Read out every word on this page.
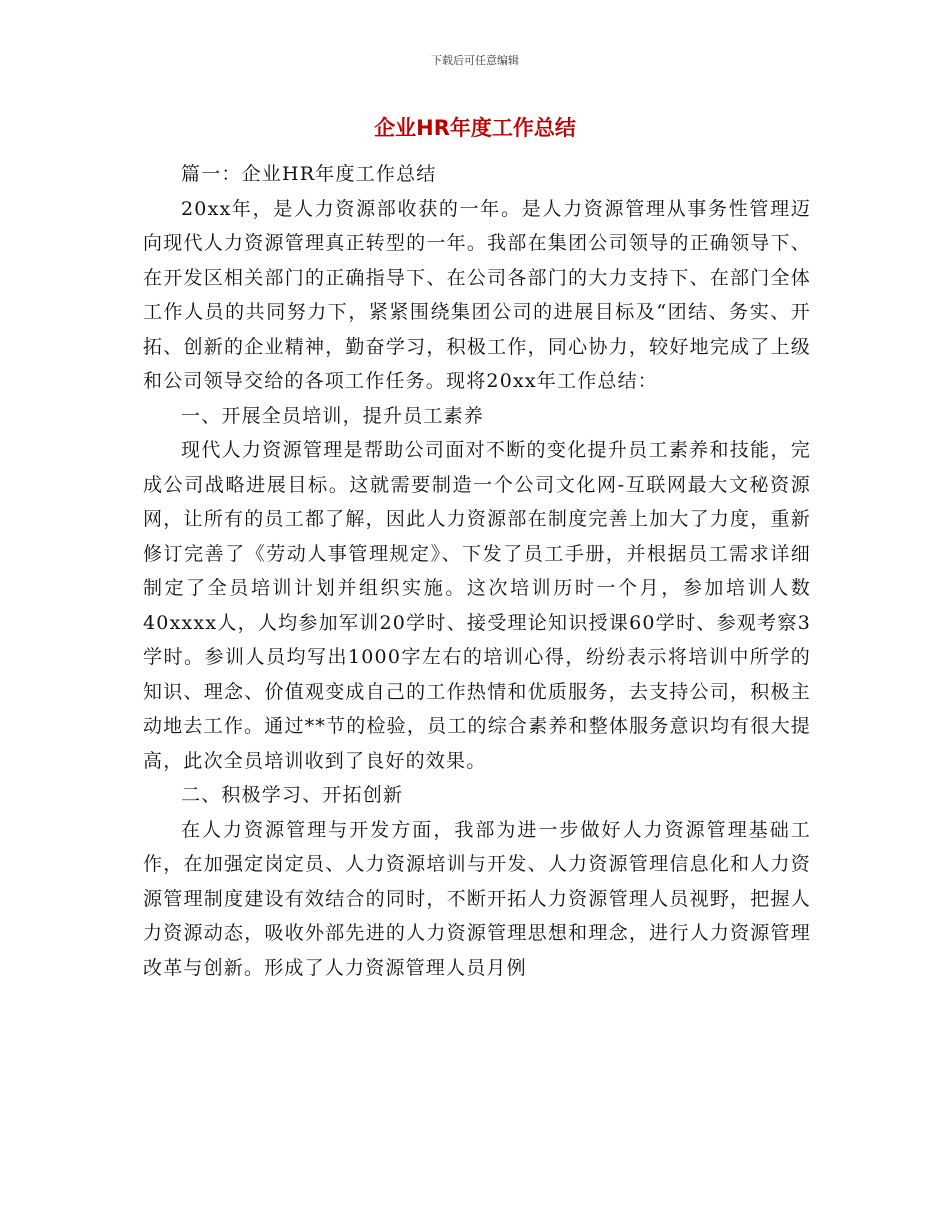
下载后可任意编辑
企业HR年度工作总结

篇一：企业HR年度工作总结

20xx年，是人力资源部收获的一年。是人力资源管理从事务性管理迈向现代人力资源管理真正转型的一年。我部在集团公司领导的正确领导下、在开发区相关部门的正确指导下、在公司各部门的大力支持下、在部门全体工作人员的共同努力下，紧紧围绕集团公司的进展目标及“团结、务实、开拓、创新的企业精神，勤奋学习，积极工作，同心协力，较好地完成了上级和公司领导交给的各项工作任务。现将20xx年工作总结：

一、开展全员培训，提升员工素养

现代人力资源管理是帮助公司面对不断的变化提升员工素养和技能，完成公司战略进展目标。这就需要制造一个公司文化网-互联网最大文秘资源网，让所有的员工都了解，因此人力资源部在制度完善上加大了力度，重新修订完善了《劳动人事管理规定》、下发了员工手册，并根据员工需求详细制定了全员培训计划并组织实施。这次培训历时一个月，参加培训人数40xxxx人，人均参加军训20学时、接受理论知识授课60学时、参观考察3学时。参训人员均写出1000字左右的培训心得，纷纷表示将培训中所学的知识、理念、价值观变成自己的工作热情和优质服务，去支持公司，积极主动地去工作。通过**节的检验，员工的综合素养和整体服务意识均有很大提高，此次全员培训收到了良好的效果。

二、积极学习、开拓创新

在人力资源管理与开发方面，我部为进一步做好人力资源管理基础工作，在加强定岗定员、人力资源培训与开发、人力资源管理信息化和人力资源管理制度建设有效结合的同时，不断开拓人力资源管理人员视野，把握人力资源动态，吸收外部先进的人力资源管理思想和理念，进行人力资源管理改革与创新。形成了人力资源管理人员月例
